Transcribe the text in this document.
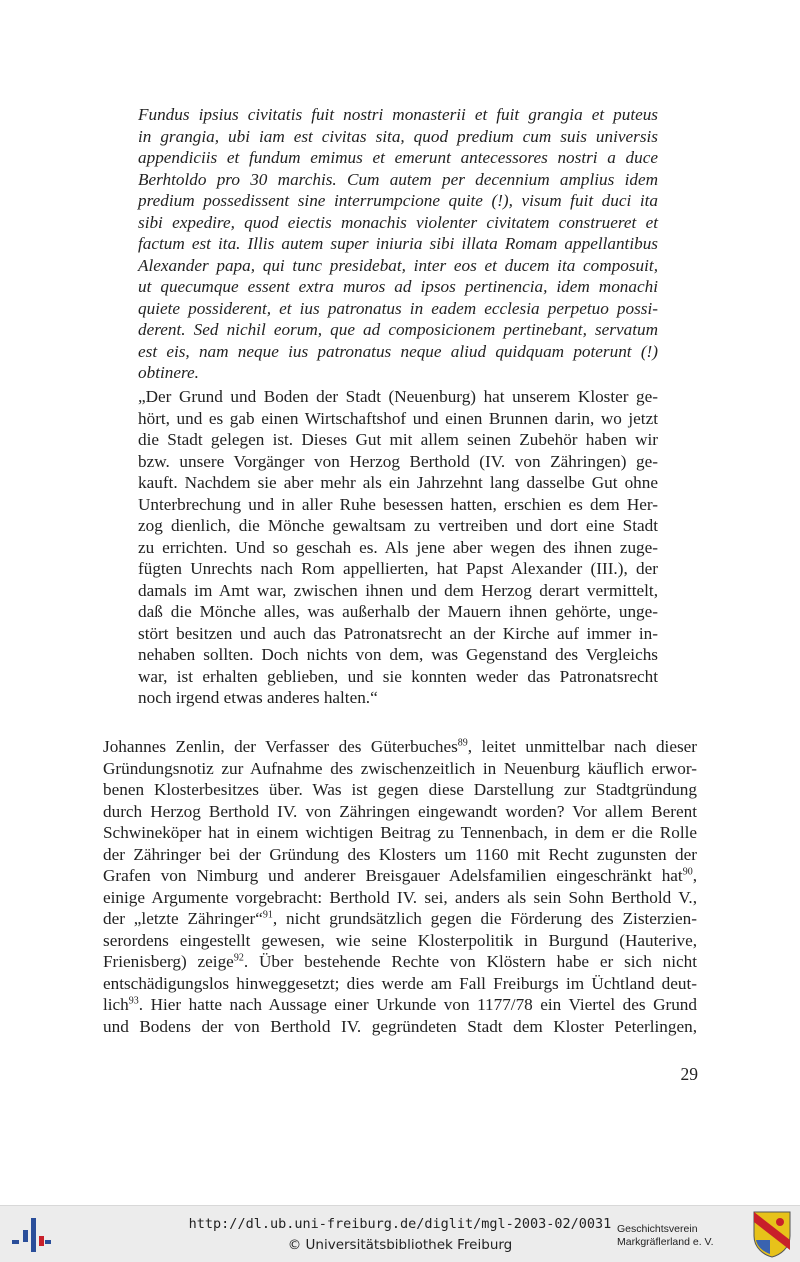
Fundus ipsius civitatis fuit nostri monasterii et fuit grangia et puteus
in grangia, ubi iam est civitas sita, quod predium cum suis universis
appendiciis et fundum emimus et emerunt antecessores nostri a duce
Berhtoldo pro 30 marchis. Cum autem per decennium amplius idem
predium possedissent sine interrumpcione quite (!), visum fuit duci ita
sibi expedire, quod eiectis monachis violenter civitatem construeret et
factum est ita. Illis autem super iniuria sibi illata Romam appellantibus
Alexander papa, qui tunc presidebat, inter eos et ducem ita composuit,
ut quecumque essent extra muros ad ipsos pertinencia, idem monachi
quiete possiderent, et ius patronatus in eadem ecclesia perpetuo possi-
derent. Sed nichil eorum, que ad composicionem pertinebant, servatum
est eis, nam neque ius patronatus neque aliud quidquam poterunt (!)
obtinere.
„Der Grund und Boden der Stadt (Neuenburg) hat unserem Kloster ge-
hört, und es gab einen Wirtschaftshof und einen Brunnen darin, wo jetzt
die Stadt gelegen ist. Dieses Gut mit allem seinen Zubehör haben wir
bzw. unsere Vorgänger von Herzog Berthold (IV. von Zähringen) ge-
kauft. Nachdem sie aber mehr als ein Jahrzehnt lang dasselbe Gut ohne
Unterbrechung und in aller Ruhe besessen hatten, erschien es dem Her-
zog dienlich, die Mönche gewaltsam zu vertreiben und dort eine Stadt
zu errichten. Und so geschah es. Als jene aber wegen des ihnen zuge-
fügten Unrechts nach Rom appellierten, hat Papst Alexander (III.), der
damals im Amt war, zwischen ihnen und dem Herzog derart vermittelt,
daß die Mönche alles, was außerhalb der Mauern ihnen gehörte, unge-
stört besitzen und auch das Patronatsrecht an der Kirche auf immer in-
nehaben sollten. Doch nichts von dem, was Gegenstand des Vergleichs
war, ist erhalten geblieben, und sie konnten weder das Patronatsrecht
noch irgend etwas anderes halten.“
Johannes Zenlin, der Verfasser des Güterbuches$^{89}$, leitet unmittelbar nach dieser
Gründungsnotiz zur Aufnahme des zwischenzeitlich in Neuenburg käuflich erwor-
benen Klosterbesitzes über. Was ist gegen diese Darstellung zur Stadtgründung
durch Herzog Berthold IV. von Zähringen eingewandt worden? Vor allem Berent
Schwineköper hat in einem wichtigen Beitrag zu Tennenbach, in dem er die Rolle
der Zähringer bei der Gründung des Klosters um 1160 mit Recht zugunsten der
Grafen von Nimburg und anderer Breisgauer Adelsfamilien eingeschränkt hat$^{90}$,
einige Argumente vorgebracht: Berthold IV. sei, anders als sein Sohn Berthold V.,
der „letzte Zähringer“$^{91}$, nicht grundsätzlich gegen die Förderung des Zisterzien-
serordens eingestellt gewesen, wie seine Klosterpolitik in Burgund (Hauterive,
Frienisberg) zeige$^{92}$. Über bestehende Rechte von Klöstern habe er sich nicht
entschädigungslos hinweggesetzt; dies werde am Fall Freiburgs im Üchtland deut-
lich$^{93}$. Hier hatte nach Aussage einer Urkunde von 1177/78 ein Viertel des Grund
und Bodens der von Berthold IV. gegründeten Stadt dem Kloster Peterlingen,
29
http://dl.ub.uni-freiburg.de/diglit/mgl-2003-02/0031
© Universitätsbibliothek Freiburg
Geschichtsverein
Markgräflerland e. V.
